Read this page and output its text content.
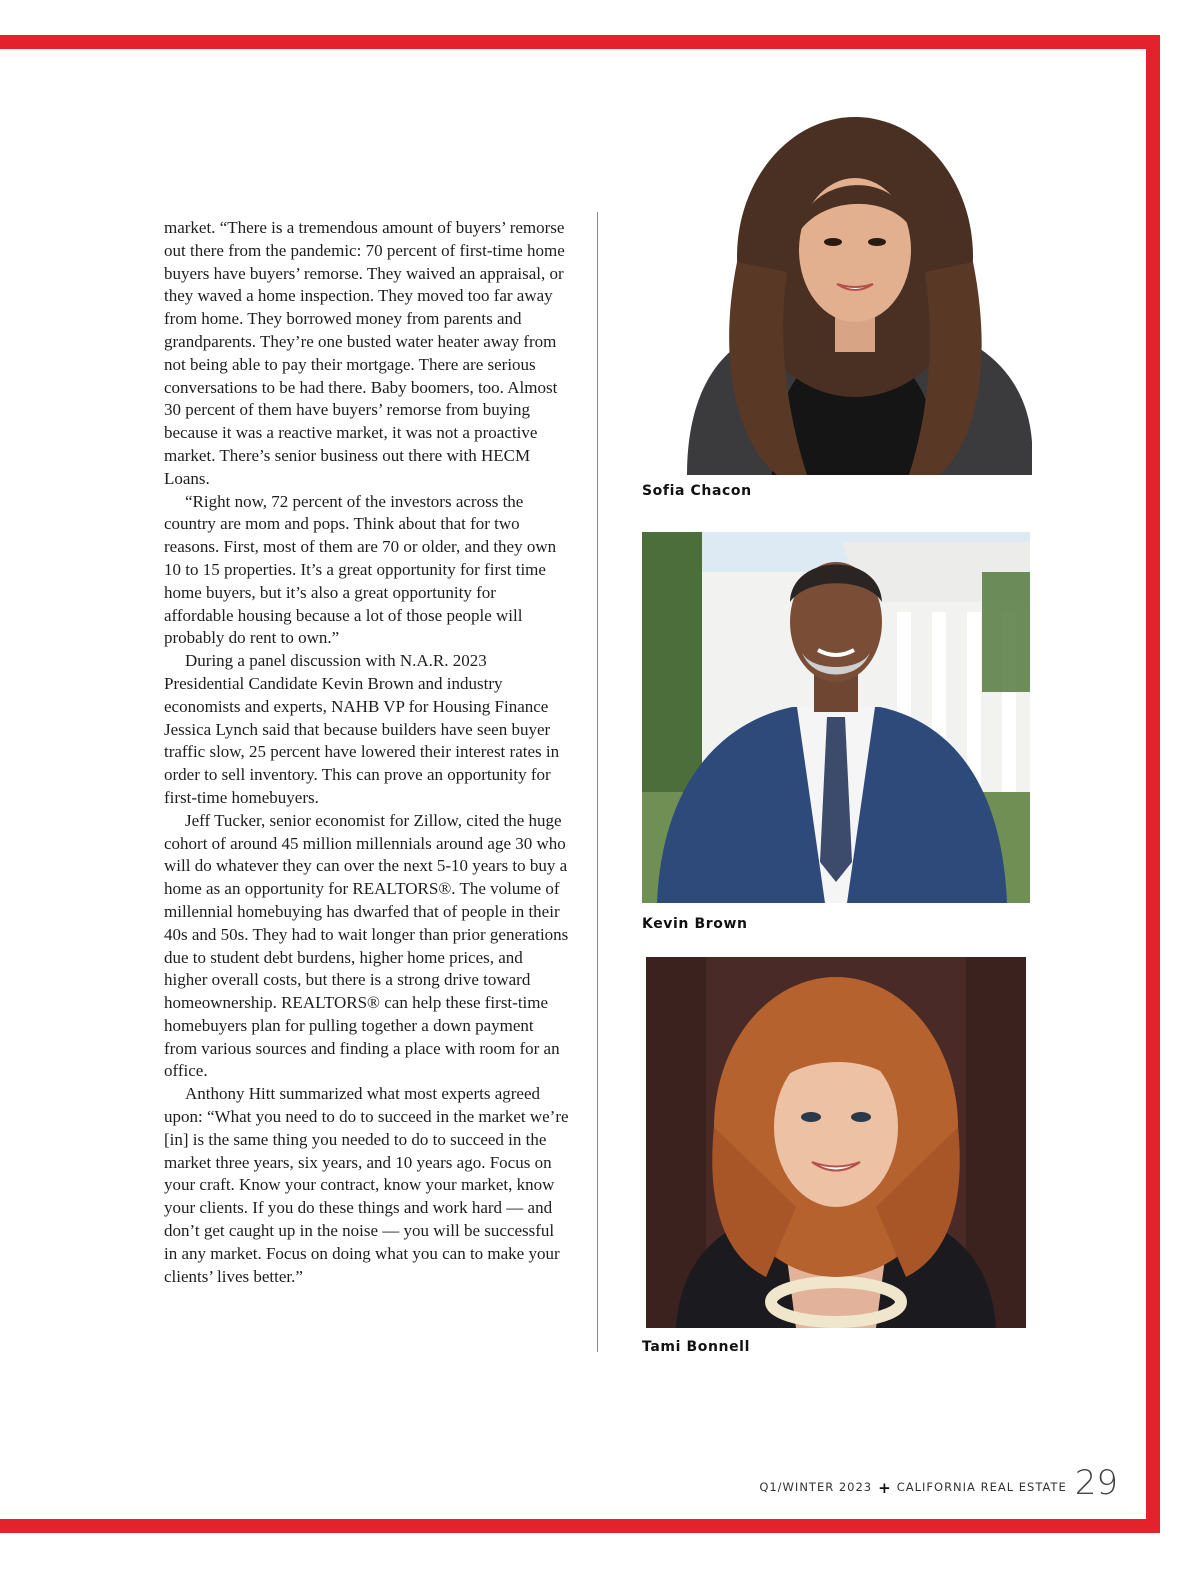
market. “There is a tremendous amount of buyers’ remorse out there from the pandemic: 70 percent of first-time home buyers have buyers’ remorse. They waived an appraisal, or they waved a home inspection. They moved too far away from home. They borrowed money from parents and grandparents. They’re one busted water heater away from not being able to pay their mortgage. There are serious conversations to be had there. Baby boomers, too. Almost 30 percent of them have buyers’ remorse from buying because it was a reactive market, it was not a proactive market. There’s senior business out there with HECM Loans.

“Right now, 72 percent of the investors across the country are mom and pops. Think about that for two reasons. First, most of them are 70 or older, and they own 10 to 15 properties. It’s a great opportunity for first time home buyers, but it’s also a great opportunity for affordable housing because a lot of those people will probably do rent to own.”

During a panel discussion with N.A.R. 2023 Presidential Candidate Kevin Brown and industry economists and experts, NAHB VP for Housing Finance Jessica Lynch said that because builders have seen buyer traffic slow, 25 percent have lowered their interest rates in order to sell inventory. This can prove an opportunity for first-time homebuyers.

Jeff Tucker, senior economist for Zillow, cited the huge cohort of around 45 million millennials around age 30 who will do whatever they can over the next 5-10 years to buy a home as an opportunity for REALTORS®. The volume of millennial homebuying has dwarfed that of people in their 40s and 50s. They had to wait longer than prior generations due to student debt burdens, higher home prices, and higher overall costs, but there is a strong drive toward homeownership. REALTORS® can help these first-time homebuyers plan for pulling together a down payment from various sources and finding a place with room for an office.

Anthony Hitt summarized what most experts agreed upon: “What you need to do to succeed in the market we’re [in] is the same thing you needed to do to succeed in the market three years, six years, and 10 years ago. Focus on your craft. Know your contract, know your market, know your clients. If you do these things and work hard — and don’t get caught up in the noise — you will be successful in any market. Focus on doing what you can to make your clients’ lives better.”

Sofia Chacon
Kevin Brown
Tami Bonnell
Q1/WINTER 2023 + CALIFORNIA REAL ESTATE 29
